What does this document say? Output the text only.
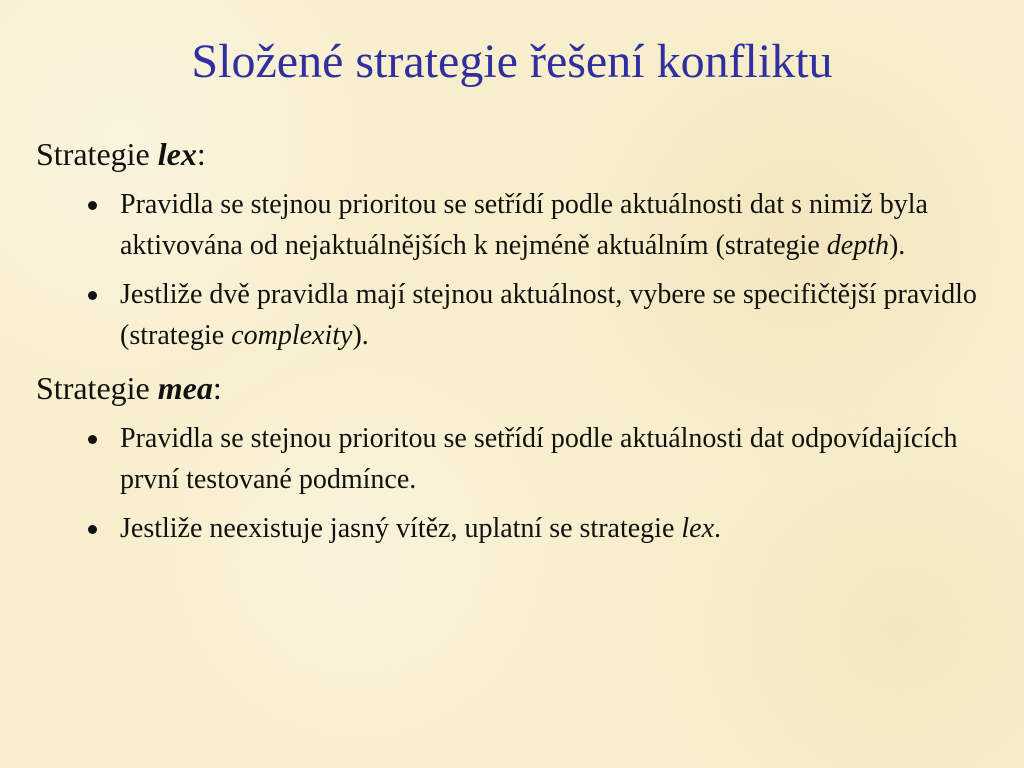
Složené strategie řešení konfliktu

Strategie lex:

Pravidla se stejnou prioritou se setřídí podle aktuálnosti dat s nimiž byla aktivována od nejaktuálnějších k nejméně aktuálním (strategie depth).
Jestliže dvě pravidla mají stejnou aktuálnost, vybere se specifičtější pravidlo (strategie complexity).

Strategie mea:

Pravidla se stejnou prioritou se setřídí podle aktuálnosti dat odpovídajících první testované podmínce.
Jestliže neexistuje jasný vítěz, uplatní se strategie lex.
